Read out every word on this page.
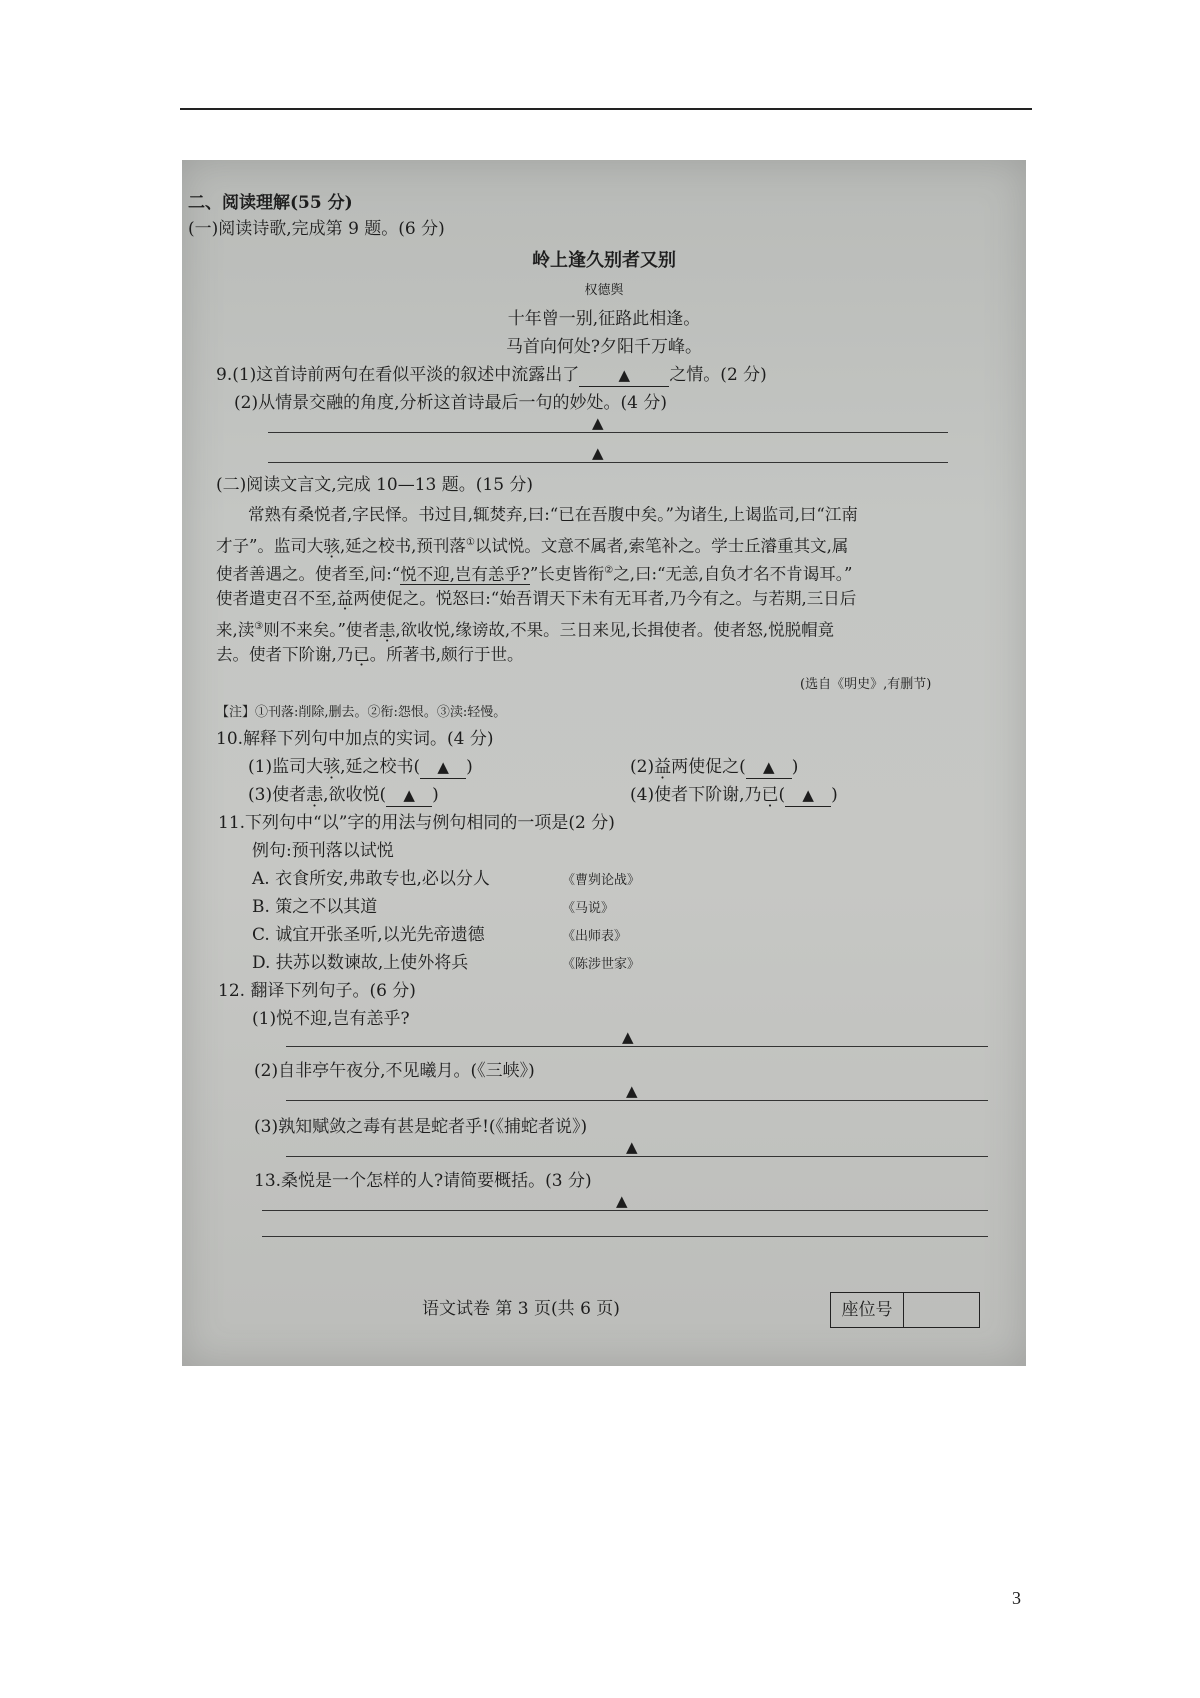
二、阅读理解(55 分)
(一)阅读诗歌,完成第 9 题。(6 分)
岭上逢久别者又别
权德舆
十年曾一别,征路此相逢。
马首向何处?夕阳千万峰。
9.(1)这首诗前两句在看似平淡的叙述中流露出了	▲ 之情。(2 分)
(2)从情景交融的角度,分析这首诗最后一句的妙处。(4 分)
▲
▲
(二)阅读文言文,完成 10—13 题。(15 分)
常熟有桑悦者,字民怿。书过目,辄焚弃,曰:“已在吾腹中矣。”为诸生,上谒监司,曰“江南
才子”。监司大骇,延之校书,预刊落①以试悦。文意不属者,索笔补之。学士丘濬重其文,属
使者善遇之。使者至,问:“悦不迎,岂有恙乎?”长吏皆衔②之,曰:“无恙,自负才名不肯谒耳。”
使者遣吏召不至,益两使促之。悦怒曰:“始吾谓天下未有无耳者,乃今有之。与若期,三日后
来,渎③则不来矣。”使者恚,欲收悦,缘谤故,不果。三日来见,长揖使者。使者怒,悦脱帽竟
去。使者下阶谢,乃已。所著书,颇行于世。
(选自《明史》,有删节)
【注】①刊落:削除,删去。②衔:怨恨。③渎:轻慢。
10.解释下列句中加点的实词。(4 分)
(1)监司大骇,延之校书( ▲ )	(2)益两使促之( ▲ )
(3)使者恚,欲收悦( ▲ )	(4)使者下阶谢,乃已( ▲ )
11.下列句中“以”字的用法与例句相同的一项是(2 分)
例句:预刊落以试悦
A. 衣食所安,弗敢专也,必以分人	《曹刿论战》
B. 策之不以其道	《马说》
C. 诚宜开张圣听,以光先帝遗德	《出师表》
D. 扶苏以数谏故,上使外将兵	《陈涉世家》
12. 翻译下列句子。(6 分)
(1)悦不迎,岂有恙乎?
▲
(2)自非亭午夜分,不见曦月。(《三峡》)
▲
(3)孰知赋敛之毒有甚是蛇者乎!(《捕蛇者说》)
▲
13.桑悦是一个怎样的人?请简要概括。(3 分)
▲
语文试卷 第 3 页(共 6 页)	座位号
3
